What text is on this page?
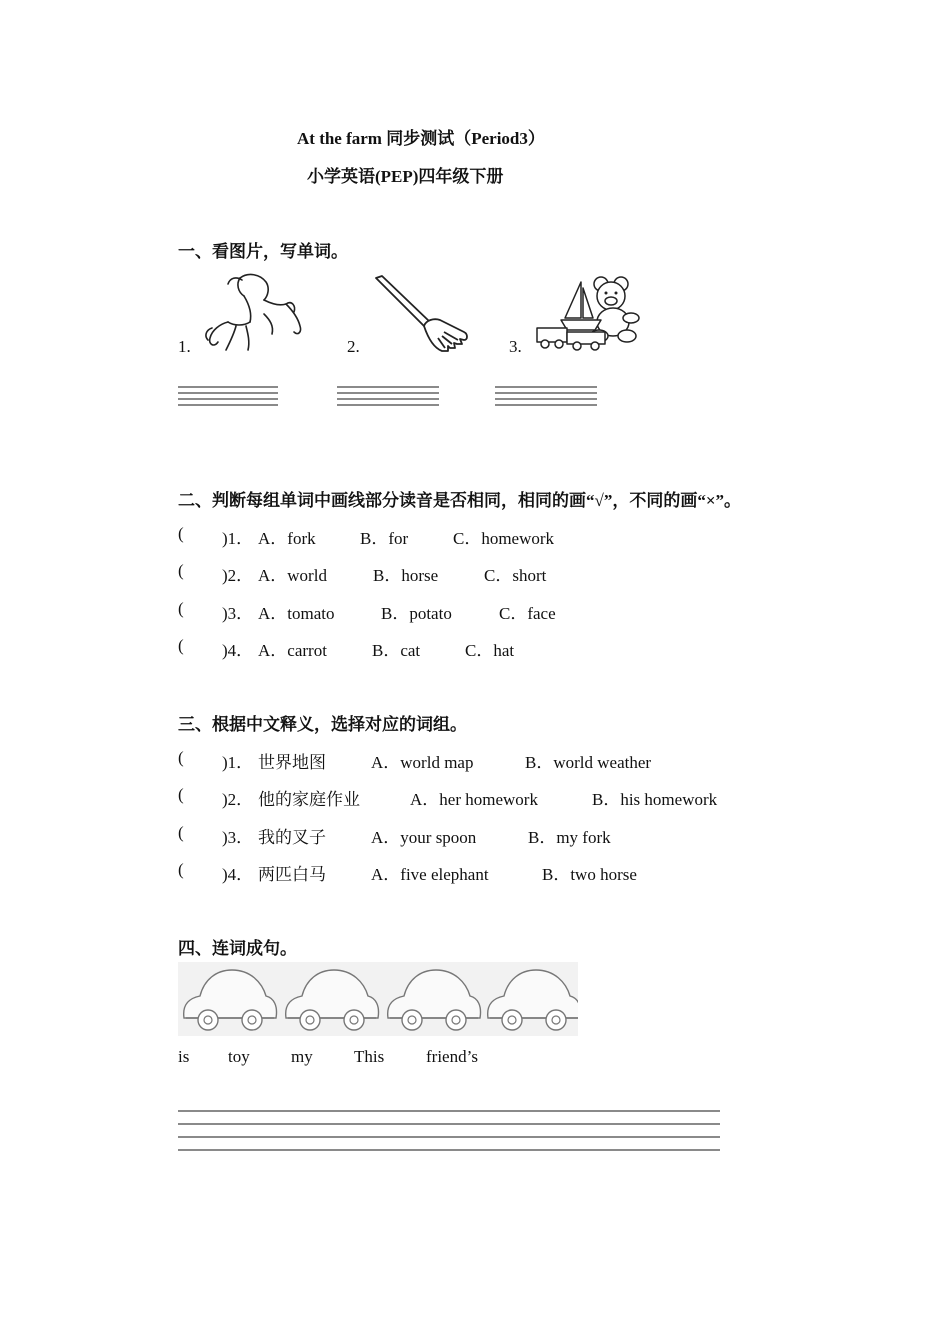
At the farm 同步测试（Period3）
小学英语(PEP)四年级下册
一、看图片，写单词。
1.	2.	3.
二、判断每组单词中画线部分读音是否相同，相同的画“√”，不同的画“×”。
( )1． A．fork	B．for	C．homework
( )2． A．world	B．horse	C．short
( )3． A．tomato	B．potato	C．face
( )4． A．carrot	B．cat	C．hat
三、根据中文释义，选择对应的词组。
( )1． 世界地图	A．world map	B．world weather
( )2． 他的家庭作业	A．her homework	B．his homework
( )3． 我的叉子	A．your spoon	B．my fork
( )4． 两匹白马	A．five elephant	B．two horse
四、连词成句。
is toy my This friend’s
